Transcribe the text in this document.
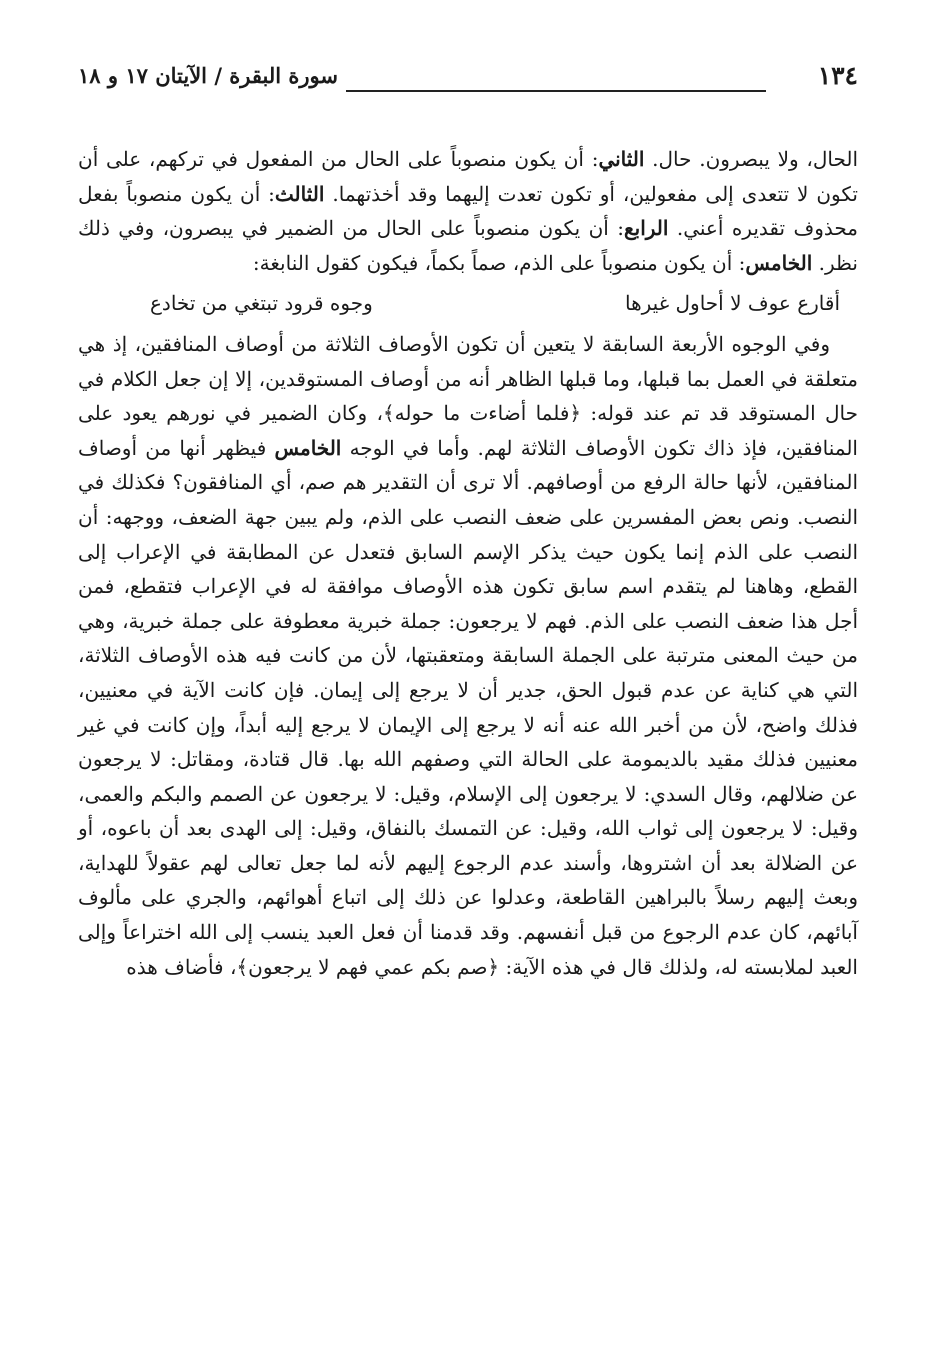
١٣٤
سورة البقرة / الآيتان ١٧ و ١٨

الحال، ولا يبصرون. حال. الثاني: أن يكون منصوباً على الحال من المفعول في تركهم، على أن تكون لا تتعدى إلى مفعولين، أو تكون تعدت إليهما وقد أخذتهما. الثالث: أن يكون منصوباً بفعل محذوف تقديره أعني. الرابع: أن يكون منصوباً على الحال من الضمير في يبصرون، وفي ذلك نظر. الخامس: أن يكون منصوباً على الذم، صماً بكماً، فيكون كقول النابغة:

أقارع عوف لا أحاول غيرها
وجوه قرود تبتغي من تخادع

وفي الوجوه الأربعة السابقة لا يتعين أن تكون الأوصاف الثلاثة من أوصاف المنافقين، إذ هي متعلقة في العمل بما قبلها، وما قبلها الظاهر أنه من أوصاف المستوقدين، إلا إن جعل الكلام في حال المستوقد قد تم عند قوله: ﴿فلما أضاءت ما حوله﴾، وكان الضمير في نورهم يعود على المنافقين، فإذ ذاك تكون الأوصاف الثلاثة لهم. وأما في الوجه الخامس فيظهر أنها من أوصاف المنافقين، لأنها حالة الرفع من أوصافهم. ألا ترى أن التقدير هم صم، أي المنافقون؟ فكذلك في النصب. ونص بعض المفسرين على ضعف النصب على الذم، ولم يبين جهة الضعف، ووجهه: أن النصب على الذم إنما يكون حيث يذكر الإسم السابق فتعدل عن المطابقة في الإعراب إلى القطع، وهاهنا لم يتقدم اسم سابق تكون هذه الأوصاف موافقة له في الإعراب فتقطع، فمن أجل هذا ضعف النصب على الذم. فهم لا يرجعون: جملة خبرية معطوفة على جملة خبرية، وهي من حيث المعنى مترتبة على الجملة السابقة ومتعقبتها، لأن من كانت فيه هذه الأوصاف الثلاثة، التي هي كناية عن عدم قبول الحق، جدير أن لا يرجع إلى إيمان. فإن كانت الآية في معنيين، فذلك واضح، لأن من أخبر الله عنه أنه لا يرجع إلى الإيمان لا يرجع إليه أبداً، وإن كانت في غير معنيين فذلك مقيد بالديمومة على الحالة التي وصفهم الله بها. قال قتادة، ومقاتل: لا يرجعون عن ضلالهم، وقال السدي: لا يرجعون إلى الإسلام، وقيل: لا يرجعون عن الصمم والبكم والعمى، وقيل: لا يرجعون إلى ثواب الله، وقيل: عن التمسك بالنفاق، وقيل: إلى الهدى بعد أن باعوه، أو عن الضلالة بعد أن اشتروها، وأسند عدم الرجوع إليهم لأنه لما جعل تعالى لهم عقولاً للهداية، وبعث إليهم رسلاً بالبراهين القاطعة، وعدلوا عن ذلك إلى اتباع أهوائهم، والجري على مألوف آبائهم، كان عدم الرجوع من قبل أنفسهم. وقد قدمنا أن فعل العبد ينسب إلى الله اختراعاً وإلى العبد لملابسته له، ولذلك قال في هذه الآية: ﴿صم بكم عمي فهم لا يرجعون﴾، فأضاف هذه
